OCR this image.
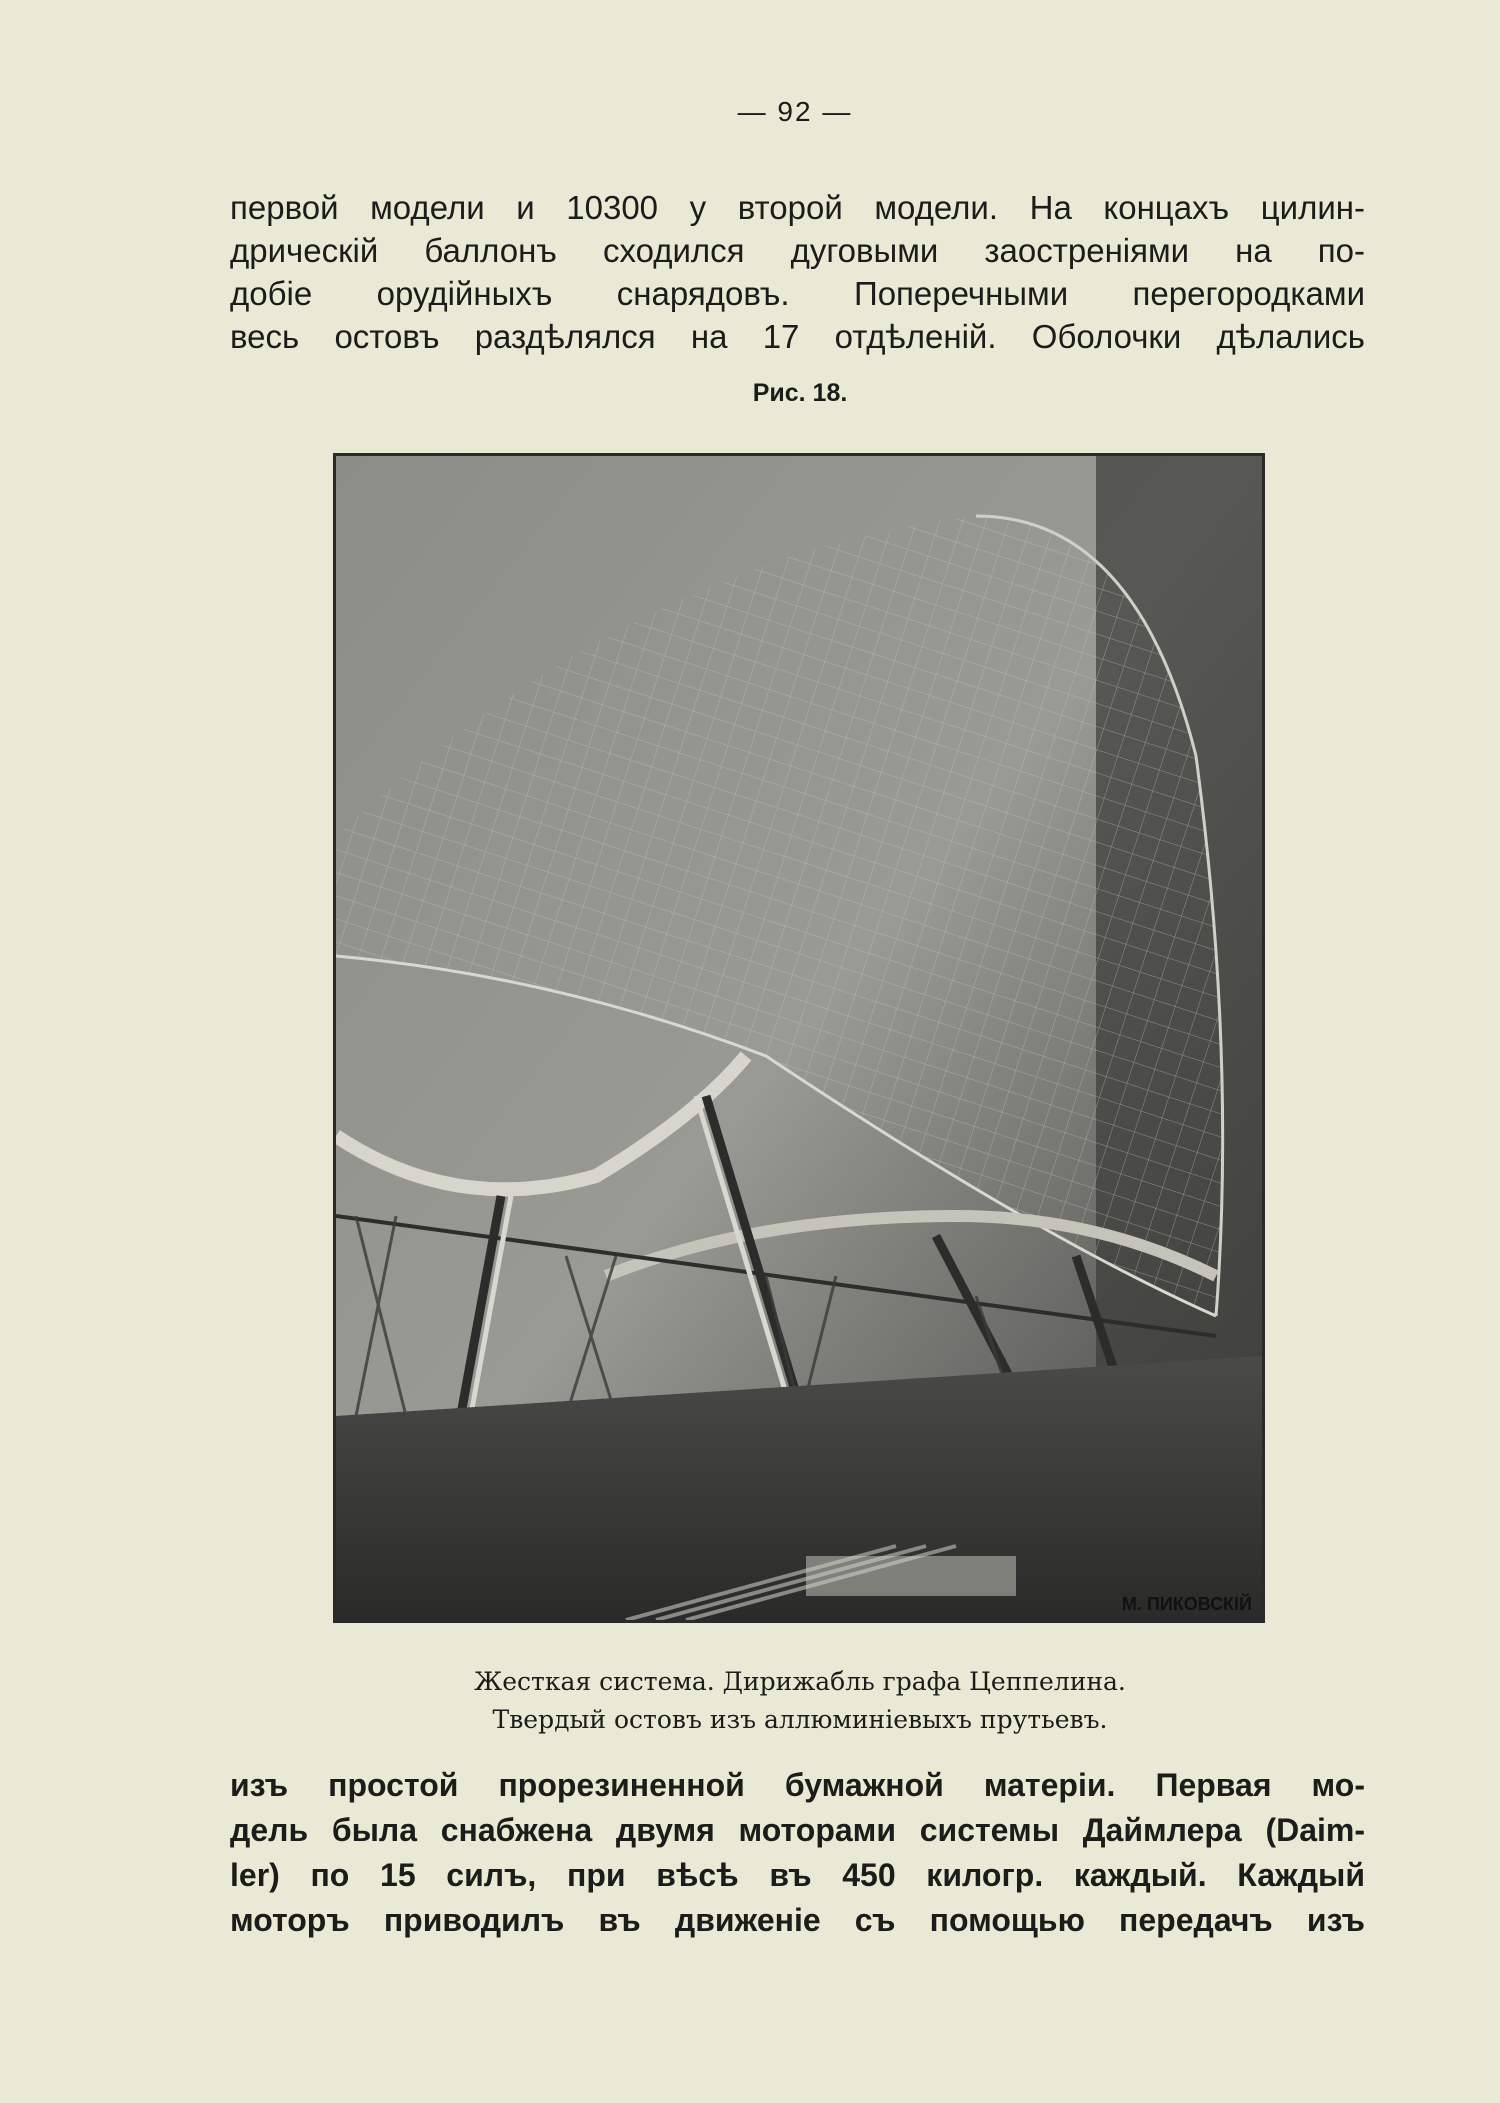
— 92 —
первой модели и 10300 у второй модели. На концахъ цилин-
дрическій баллонъ сходился дуговыми заостреніями на по-
добіе орудійныхъ снарядовъ. Поперечными перегородками
весь остовъ раздѣлялся на 17 отдѣленій. Оболочки дѣлались
Рис. 18.
М. ПИКОВСКІЙ
Жесткая система. Дирижабль графа Цеппелина.
Твердый остовъ изъ аллюминіевыхъ прутьевъ.
изъ простой прорезиненной бумажной матеріи. Первая мо-
дель была снабжена двумя моторами системы Даймлера (Daim-
ler) по 15 силъ, при вѣсѣ въ 450 килогр. каждый. Каждый
моторъ приводилъ въ движеніе съ помощью передачъ изъ
